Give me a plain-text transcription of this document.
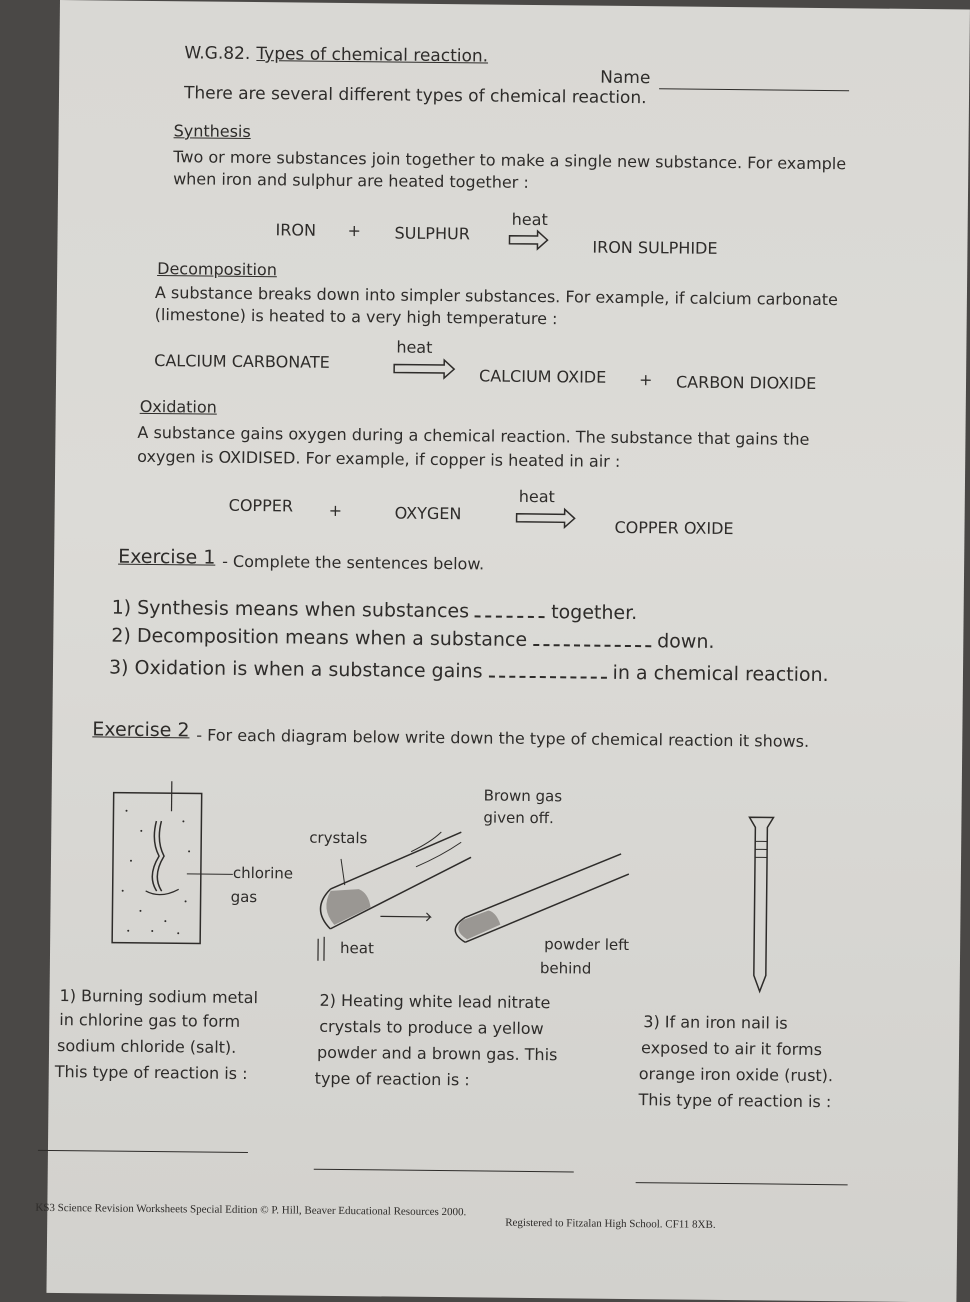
W.G.82. Types of chemical reaction.
Name
There are several different types of chemical reaction.
Synthesis
Two or more substances join together to make a single new substance. For example
when iron and sulphur are heated together :
IRON + SULPHUR
heat
IRON SULPHIDE
Decomposition
A substance breaks down into simpler substances. For example, if calcium carbonate
(limestone) is heated to a very high temperature :
heat
CALCIUM CARBONATE
CALCIUM OXIDE + CARBON DIOXIDE
Oxidation
A substance gains oxygen during a chemical reaction. The substance that gains the
oxygen is OXIDISED. For example, if copper is heated in air :
COPPER +	OXYGEN
heat
COPPER OXIDE
Exercise 1 - Complete the sentences below.
1) Synthesis means when substances	together.
2) Decomposition means when a substance	down.
3) Oxidation is when a substance gains	in a chemical reaction.
Exercise 2 - For each diagram below write down the type of chemical reaction it shows.
chlorine
gas
Brown gas
given off.
crystals
heat	powder left
behind
1) Burning sodium metal
in chlorine gas to form
sodium chloride (salt).
This type of reaction is :
2) Heating white lead nitrate
crystals to produce a yellow
powder and a brown gas. This
type of reaction is :
3) If an iron nail is
exposed to air it forms
orange iron oxide (rust).
This type of reaction is :
KS3 Science Revision Worksheets Special Edition © P. Hill, Beaver Educational Resources 2000.
Registered to Fitzalan High School. CF11 8XB.
